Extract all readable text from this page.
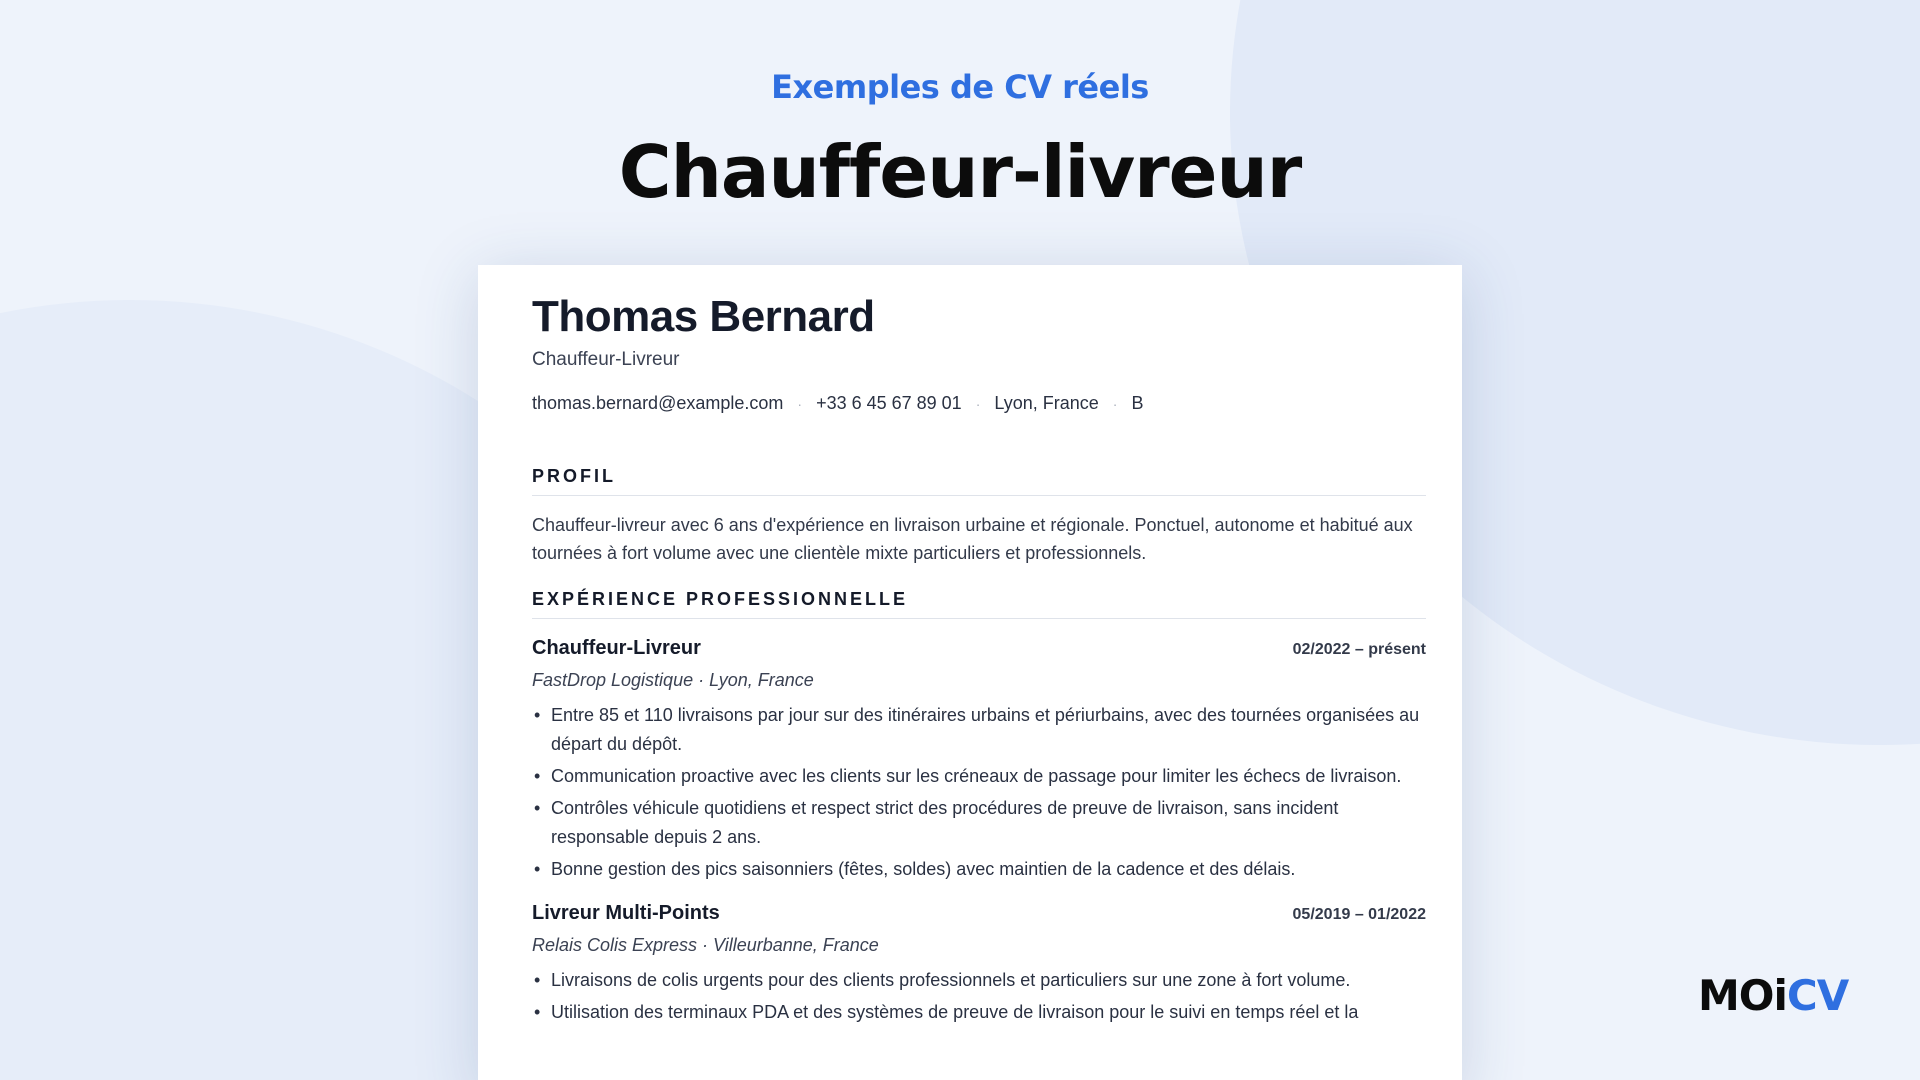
Exemples de CV réels
Chauffeur-livreur
Thomas Bernard
Chauffeur-Livreur
thomas.bernard@example.com · +33 6 45 67 89 01 · Lyon, France · B
PROFIL
Chauffeur-livreur avec 6 ans d'expérience en livraison urbaine et régionale. Ponctuel, autonome et habitué aux tournées à fort volume avec une clientèle mixte particuliers et professionnels.
EXPÉRIENCE PROFESSIONNELLE
Chauffeur-Livreur	02/2022 – présent
FastDrop Logistique · Lyon, France
• Entre 85 et 110 livraisons par jour sur des itinéraires urbains et périurbains, avec des tournées organisées au départ du dépôt.
• Communication proactive avec les clients sur les créneaux de passage pour limiter les échecs de livraison.
• Contrôles véhicule quotidiens et respect strict des procédures de preuve de livraison, sans incident responsable depuis 2 ans.
• Bonne gestion des pics saisonniers (fêtes, soldes) avec maintien de la cadence et des délais.
Livreur Multi-Points	05/2019 – 01/2022
Relais Colis Express · Villeurbanne, France
• Livraisons de colis urgents pour des clients professionnels et particuliers sur une zone à fort volume.
• Utilisation des terminaux PDA et des systèmes de preuve de livraison pour le suivi en temps réel et la	MOiCV
